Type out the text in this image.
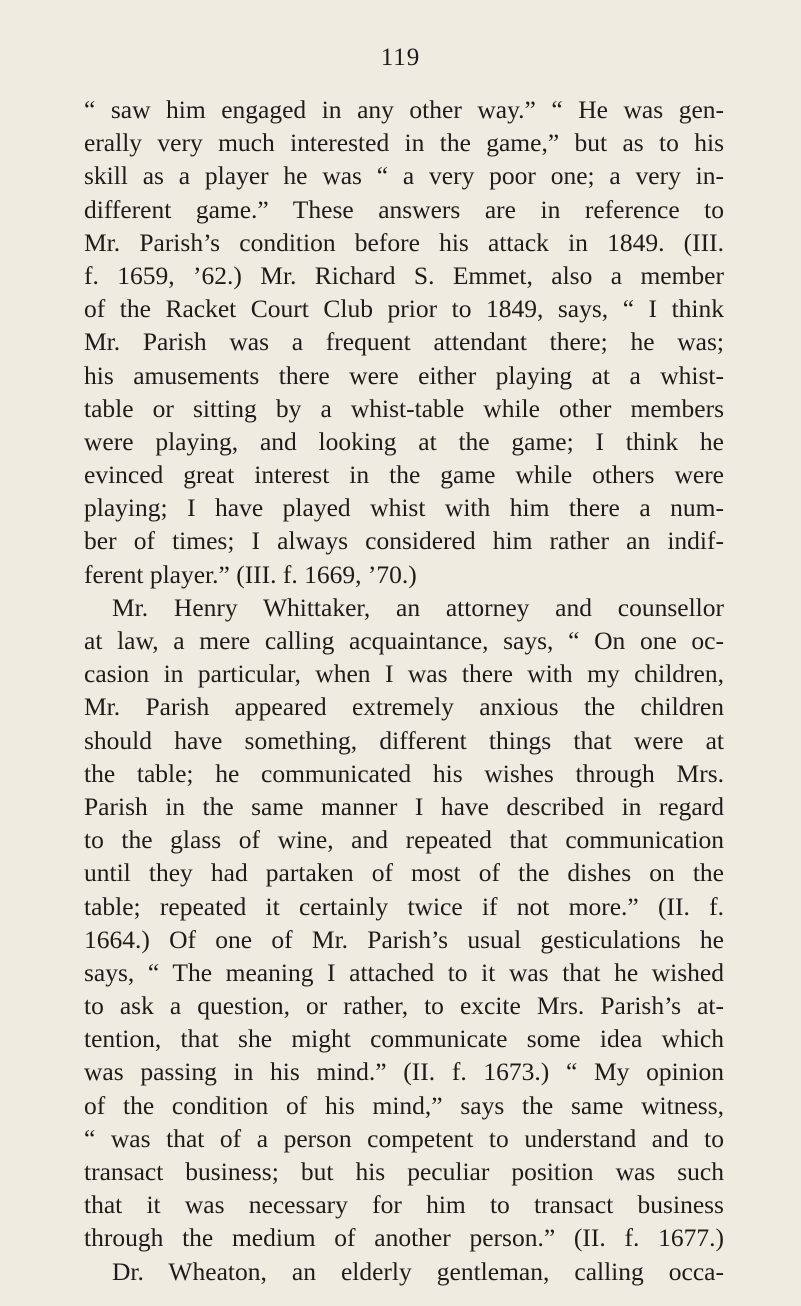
119
“ saw him engaged in any other way.” “ He was gen-
erally very much interested in the game,” but as to his
skill as a player he was “ a very poor one; a very in-
different game.” These answers are in reference to
Mr. Parish’s condition before his attack in 1849. (III.
f. 1659, ’62.) Mr. Richard S. Emmet, also a member
of the Racket Court Club prior to 1849, says, “ I think
Mr. Parish was a frequent attendant there; he was;
his amusements there were either playing at a whist-
table or sitting by a whist-table while other members
were playing, and looking at the game; I think he
evinced great interest in the game while others were
playing; I have played whist with him there a num-
ber of times; I always considered him rather an indif-
ferent player.” (III. f. 1669, ’70.)
Mr. Henry Whittaker, an attorney and counsellor
at law, a mere calling acquaintance, says, “ On one oc-
casion in particular, when I was there with my children,
Mr. Parish appeared extremely anxious the children
should have something, different things that were at
the table; he communicated his wishes through Mrs.
Parish in the same manner I have described in regard
to the glass of wine, and repeated that communication
until they had partaken of most of the dishes on the
table; repeated it certainly twice if not more.” (II. f.
1664.) Of one of Mr. Parish’s usual gesticulations he
says, “ The meaning I attached to it was that he wished
to ask a question, or rather, to excite Mrs. Parish’s at-
tention, that she might communicate some idea which
was passing in his mind.” (II. f. 1673.) “ My opinion
of the condition of his mind,” says the same witness,
“ was that of a person competent to understand and to
transact business; but his peculiar position was such
that it was necessary for him to transact business
through the medium of another person.” (II. f. 1677.)
Dr. Wheaton, an elderly gentleman, calling occa-
